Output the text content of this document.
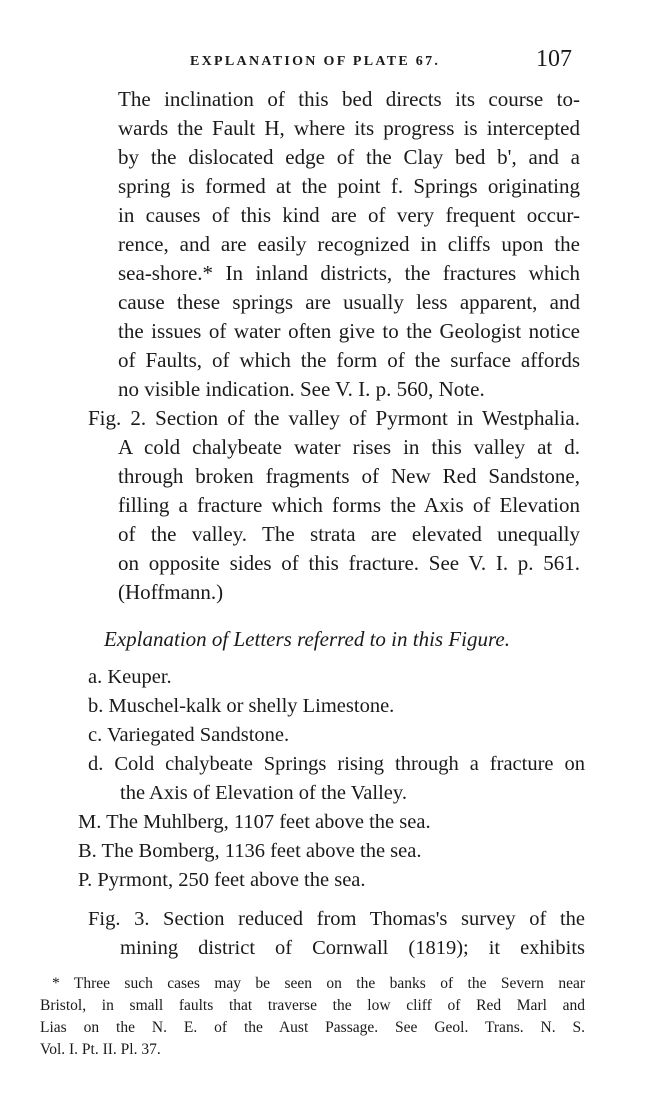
EXPLANATION OF PLATE 67.	107
The inclination of this bed directs its course to-
wards the Fault H, where its progress is intercepted
by the dislocated edge of the Clay bed b', and a
spring is formed at the point f. Springs originating
in causes of this kind are of very frequent occur-
rence, and are easily recognized in cliffs upon the
sea-shore.* In inland districts, the fractures which
cause these springs are usually less apparent, and
the issues of water often give to the Geologist notice
of Faults, of which the form of the surface affords
no visible indication. See V. I. p. 560, Note.
Fig. 2. Section of the valley of Pyrmont in Westphalia.
A cold chalybeate water rises in this valley at d.
through broken fragments of New Red Sandstone,
filling a fracture which forms the Axis of Elevation
of the valley. The strata are elevated unequally
on opposite sides of this fracture. See V. I. p. 561.
(Hoffmann.)
Explanation of Letters referred to in this Figure.
a. Keuper.
b. Muschel-kalk or shelly Limestone.
c. Variegated Sandstone.
d. Cold chalybeate Springs rising through a fracture on
the Axis of Elevation of the Valley.
M. The Muhlberg, 1107 feet above the sea.
B. The Bomberg, 1136 feet above the sea.
P. Pyrmont, 250 feet above the sea.
Fig. 3. Section reduced from Thomas's survey of the
mining district of Cornwall (1819); it exhibits
* Three such cases may be seen on the banks of the Severn near
Bristol, in small faults that traverse the low cliff of Red Marl and
Lias on the N. E. of the Aust Passage. See Geol. Trans. N. S.
Vol. I. Pt. II. Pl. 37.
